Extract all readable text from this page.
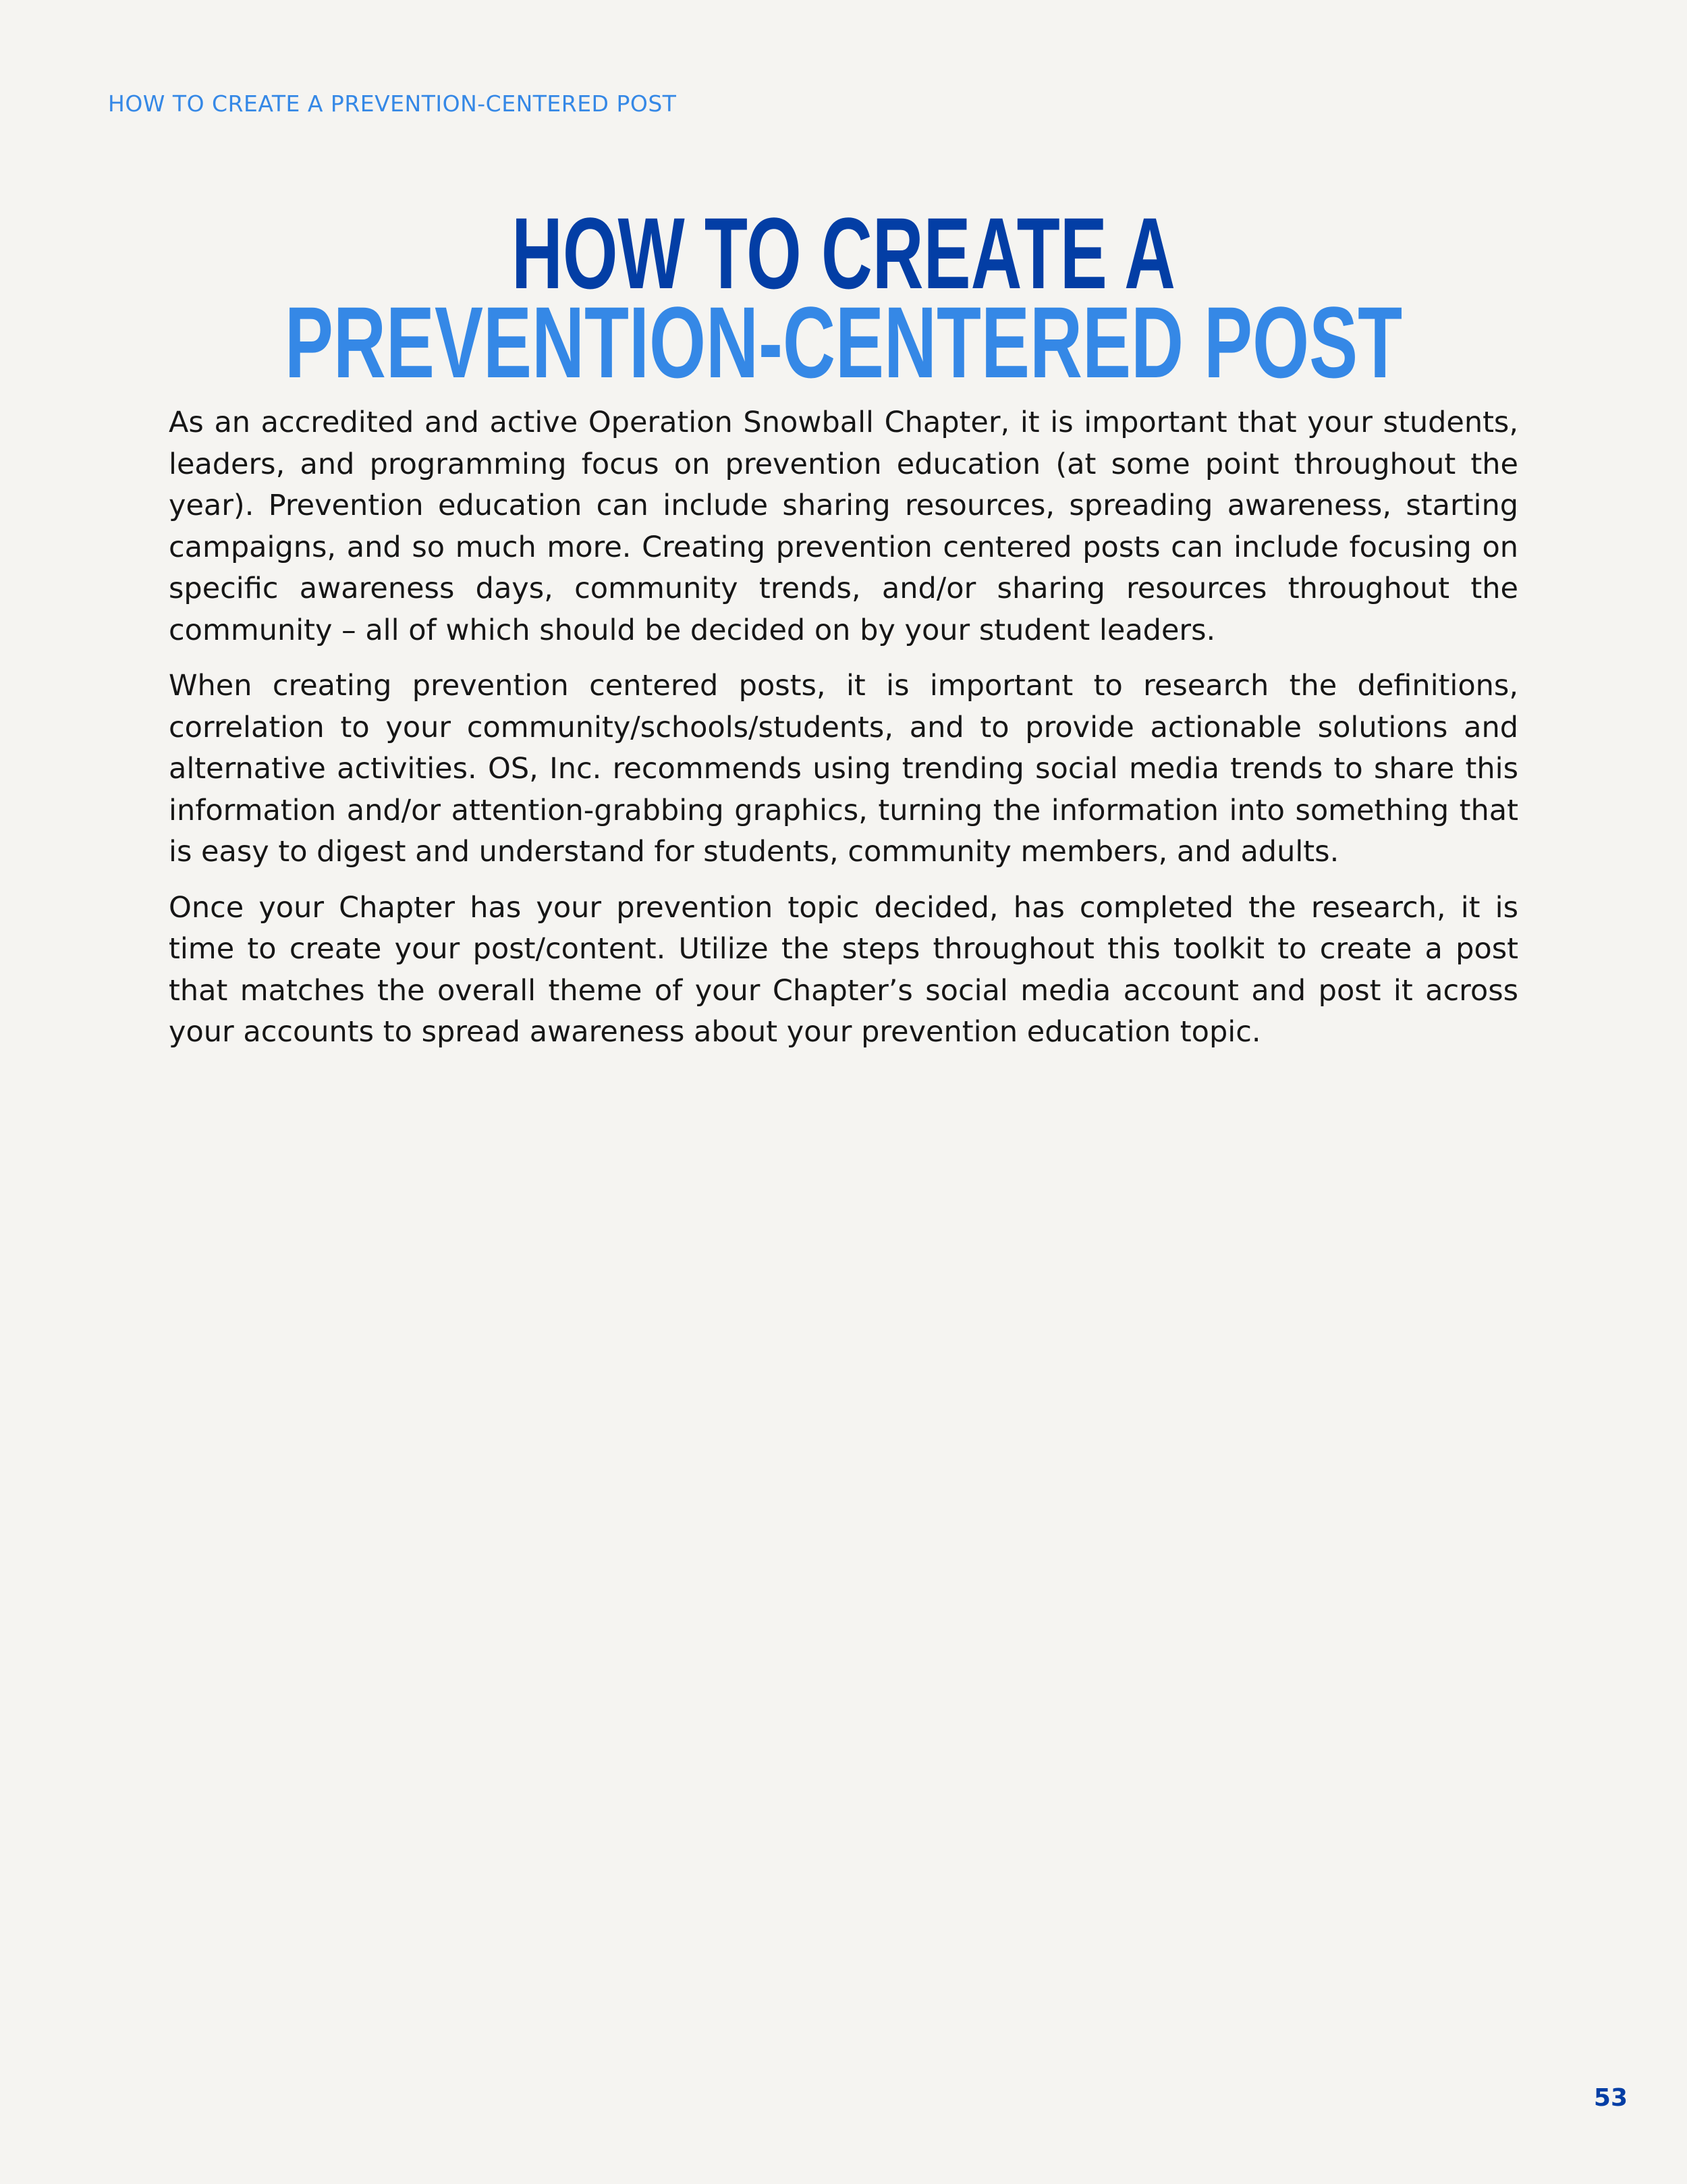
HOW TO CREATE A PREVENTION-CENTERED POST
HOW TO CREATE A
PREVENTION-CENTERED POST

As an accredited and active Operation Snowball Chapter, it is important that your students, leaders, and programming focus on prevention education (at some point throughout the year). Prevention education can include sharing resources, spreading awareness, starting campaigns, and so much more. Creating prevention centered posts can include focusing on specific awareness days, community trends, and/or sharing resources throughout the community – all of which should be decided on by your student leaders.

When creating prevention centered posts, it is important to research the definitions, correlation to your community/schools/students, and to provide actionable solutions and alternative activities. OS, Inc. recommends using trending social media trends to share this information and/or attention-grabbing graphics, turning the information into something that is easy to digest and understand for students, community members, and adults.

Once your Chapter has your prevention topic decided, has completed the research, it is time to create your post/content. Utilize the steps throughout this toolkit to create a post that matches the overall theme of your Chapter’s social media account and post it across your accounts to spread awareness about your prevention education topic.

53
